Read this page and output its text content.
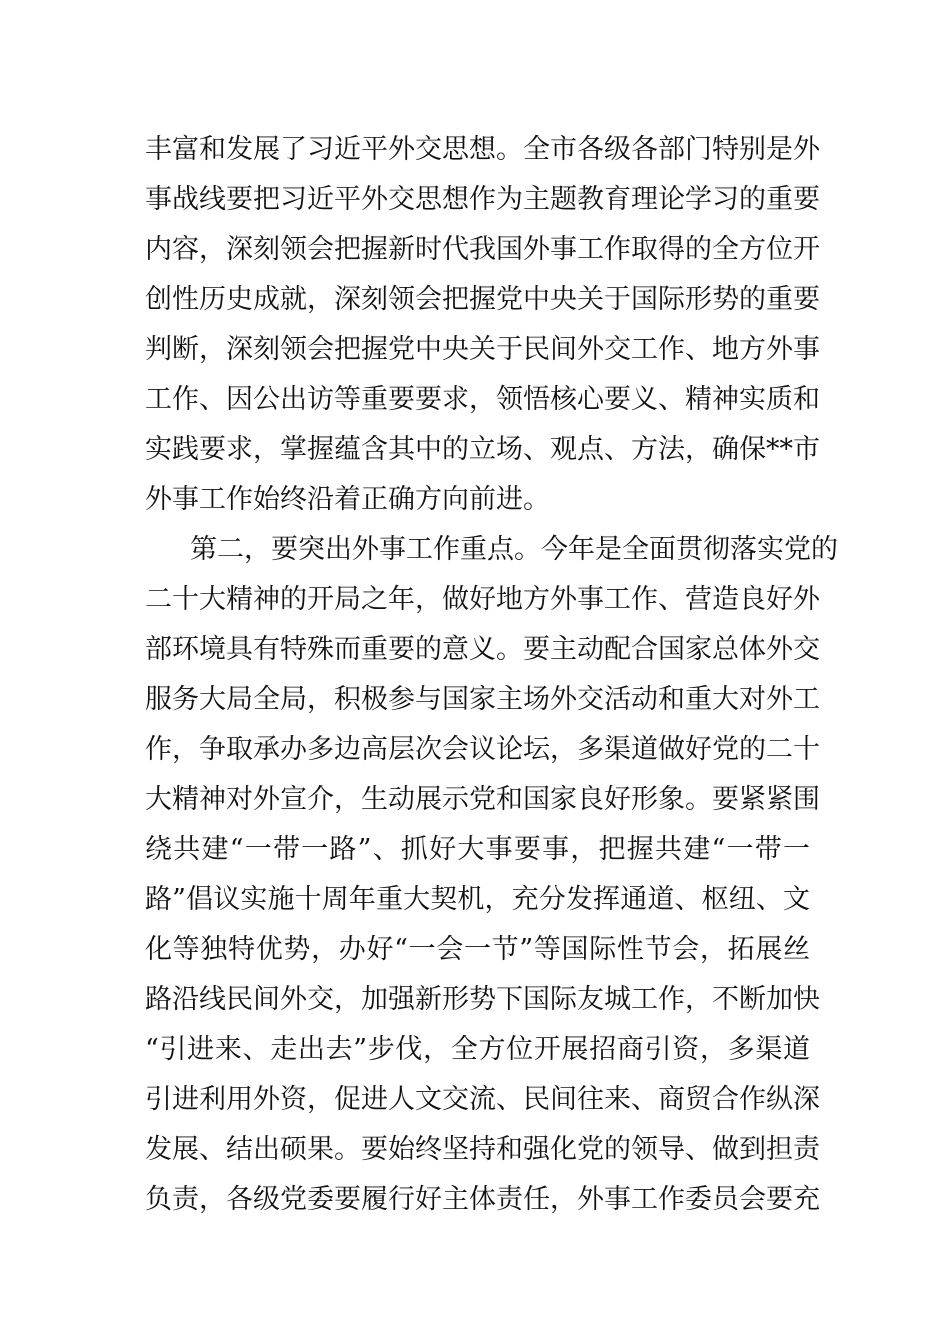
丰富和发展了习近平外交思想。全市各级各部门特别是外
事战线要把习近平外交思想作为主题教育理论学习的重要
内容，深刻领会把握新时代我国外事工作取得的全方位开
创性历史成就，深刻领会把握党中央关于国际形势的重要
判断，深刻领会把握党中央关于民间外交工作、地方外事
工作、因公出访等重要要求，领悟核心要义、精神实质和
实践要求，掌握蕴含其中的立场、观点、方法，确保**市
外事工作始终沿着正确方向前进。
第二，要突出外事工作重点。今年是全面贯彻落实党的
二十大精神的开局之年，做好地方外事工作、营造良好外
部环境具有特殊而重要的意义。要主动配合国家总体外交
服务大局全局，积极参与国家主场外交活动和重大对外工
作，争取承办多边高层次会议论坛，多渠道做好党的二十
大精神对外宣介，生动展示党和国家良好形象。要紧紧围
绕共建“一带一路”、抓好大事要事，把握共建“一带一
路”倡议实施十周年重大契机，充分发挥通道、枢纽、文
化等独特优势，办好“一会一节”等国际性节会，拓展丝
路沿线民间外交，加强新形势下国际友城工作，不断加快
“引进来、走出去”步伐，全方位开展招商引资，多渠道
引进利用外资，促进人文交流、民间往来、商贸合作纵深
发展、结出硕果。要始终坚持和强化党的领导、做到担责
负责，各级党委要履行好主体责任，外事工作委员会要充
